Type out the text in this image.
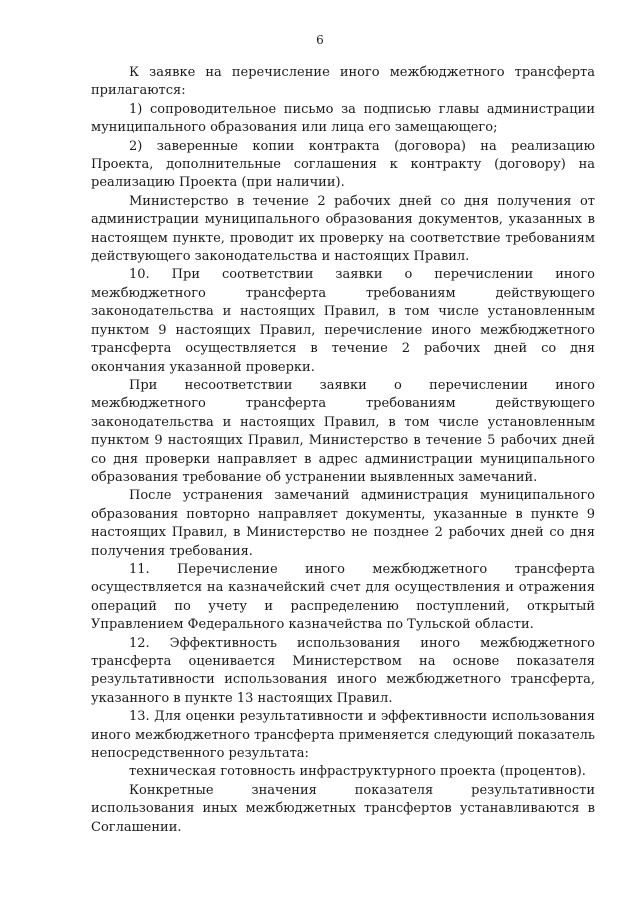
6

К заявке на перечисление иного межбюджетного трансферта прилагаются:

1) сопроводительное письмо за подписью главы администрации муниципального образования или лица его замещающего;

2) заверенные копии контракта (договора) на реализацию Проекта, дополнительные соглашения к контракту (договору) на реализацию Проекта (при наличии).

Министерство в течение 2 рабочих дней со дня получения от администрации муниципального образования документов, указанных в настоящем пункте, проводит их проверку на соответствие требованиям действующего законодательства и настоящих Правил.

10. При соответствии заявки о перечислении иного межбюджетного трансферта требованиям действующего законодательства и настоящих Правил, в том числе установленным пунктом 9 настоящих Правил, перечисление иного межбюджетного трансферта осуществляется в течение 2 рабочих дней со дня окончания указанной проверки.

При несоответствии заявки о перечислении иного межбюджетного трансферта требованиям действующего законодательства и настоящих Правил, в том числе установленным пунктом 9 настоящих Правил, Министерство в течение 5 рабочих дней со дня проверки направляет в адрес администрации муниципального образования требование об устранении выявленных замечаний.

После устранения замечаний администрация муниципального образования повторно направляет документы, указанные в пункте 9 настоящих Правил, в Министерство не позднее 2 рабочих дней со дня получения требования.

11. Перечисление иного межбюджетного трансферта осуществляется на казначейский счет для осуществления и отражения операций по учету и распределению поступлений, открытый Управлением Федерального казначейства по Тульской области.

12. Эффективность использования иного межбюджетного трансферта оценивается Министерством на основе показателя результативности использования иного межбюджетного трансферта, указанного в пункте 13 настоящих Правил.

13. Для оценки результативности и эффективности использования иного межбюджетного трансферта применяется следующий показатель непосредственного результата:

техническая готовность инфраструктурного проекта (процентов).

Конкретные значения показателя результативности использования иных межбюджетных трансфертов устанавливаются в Соглашении.
